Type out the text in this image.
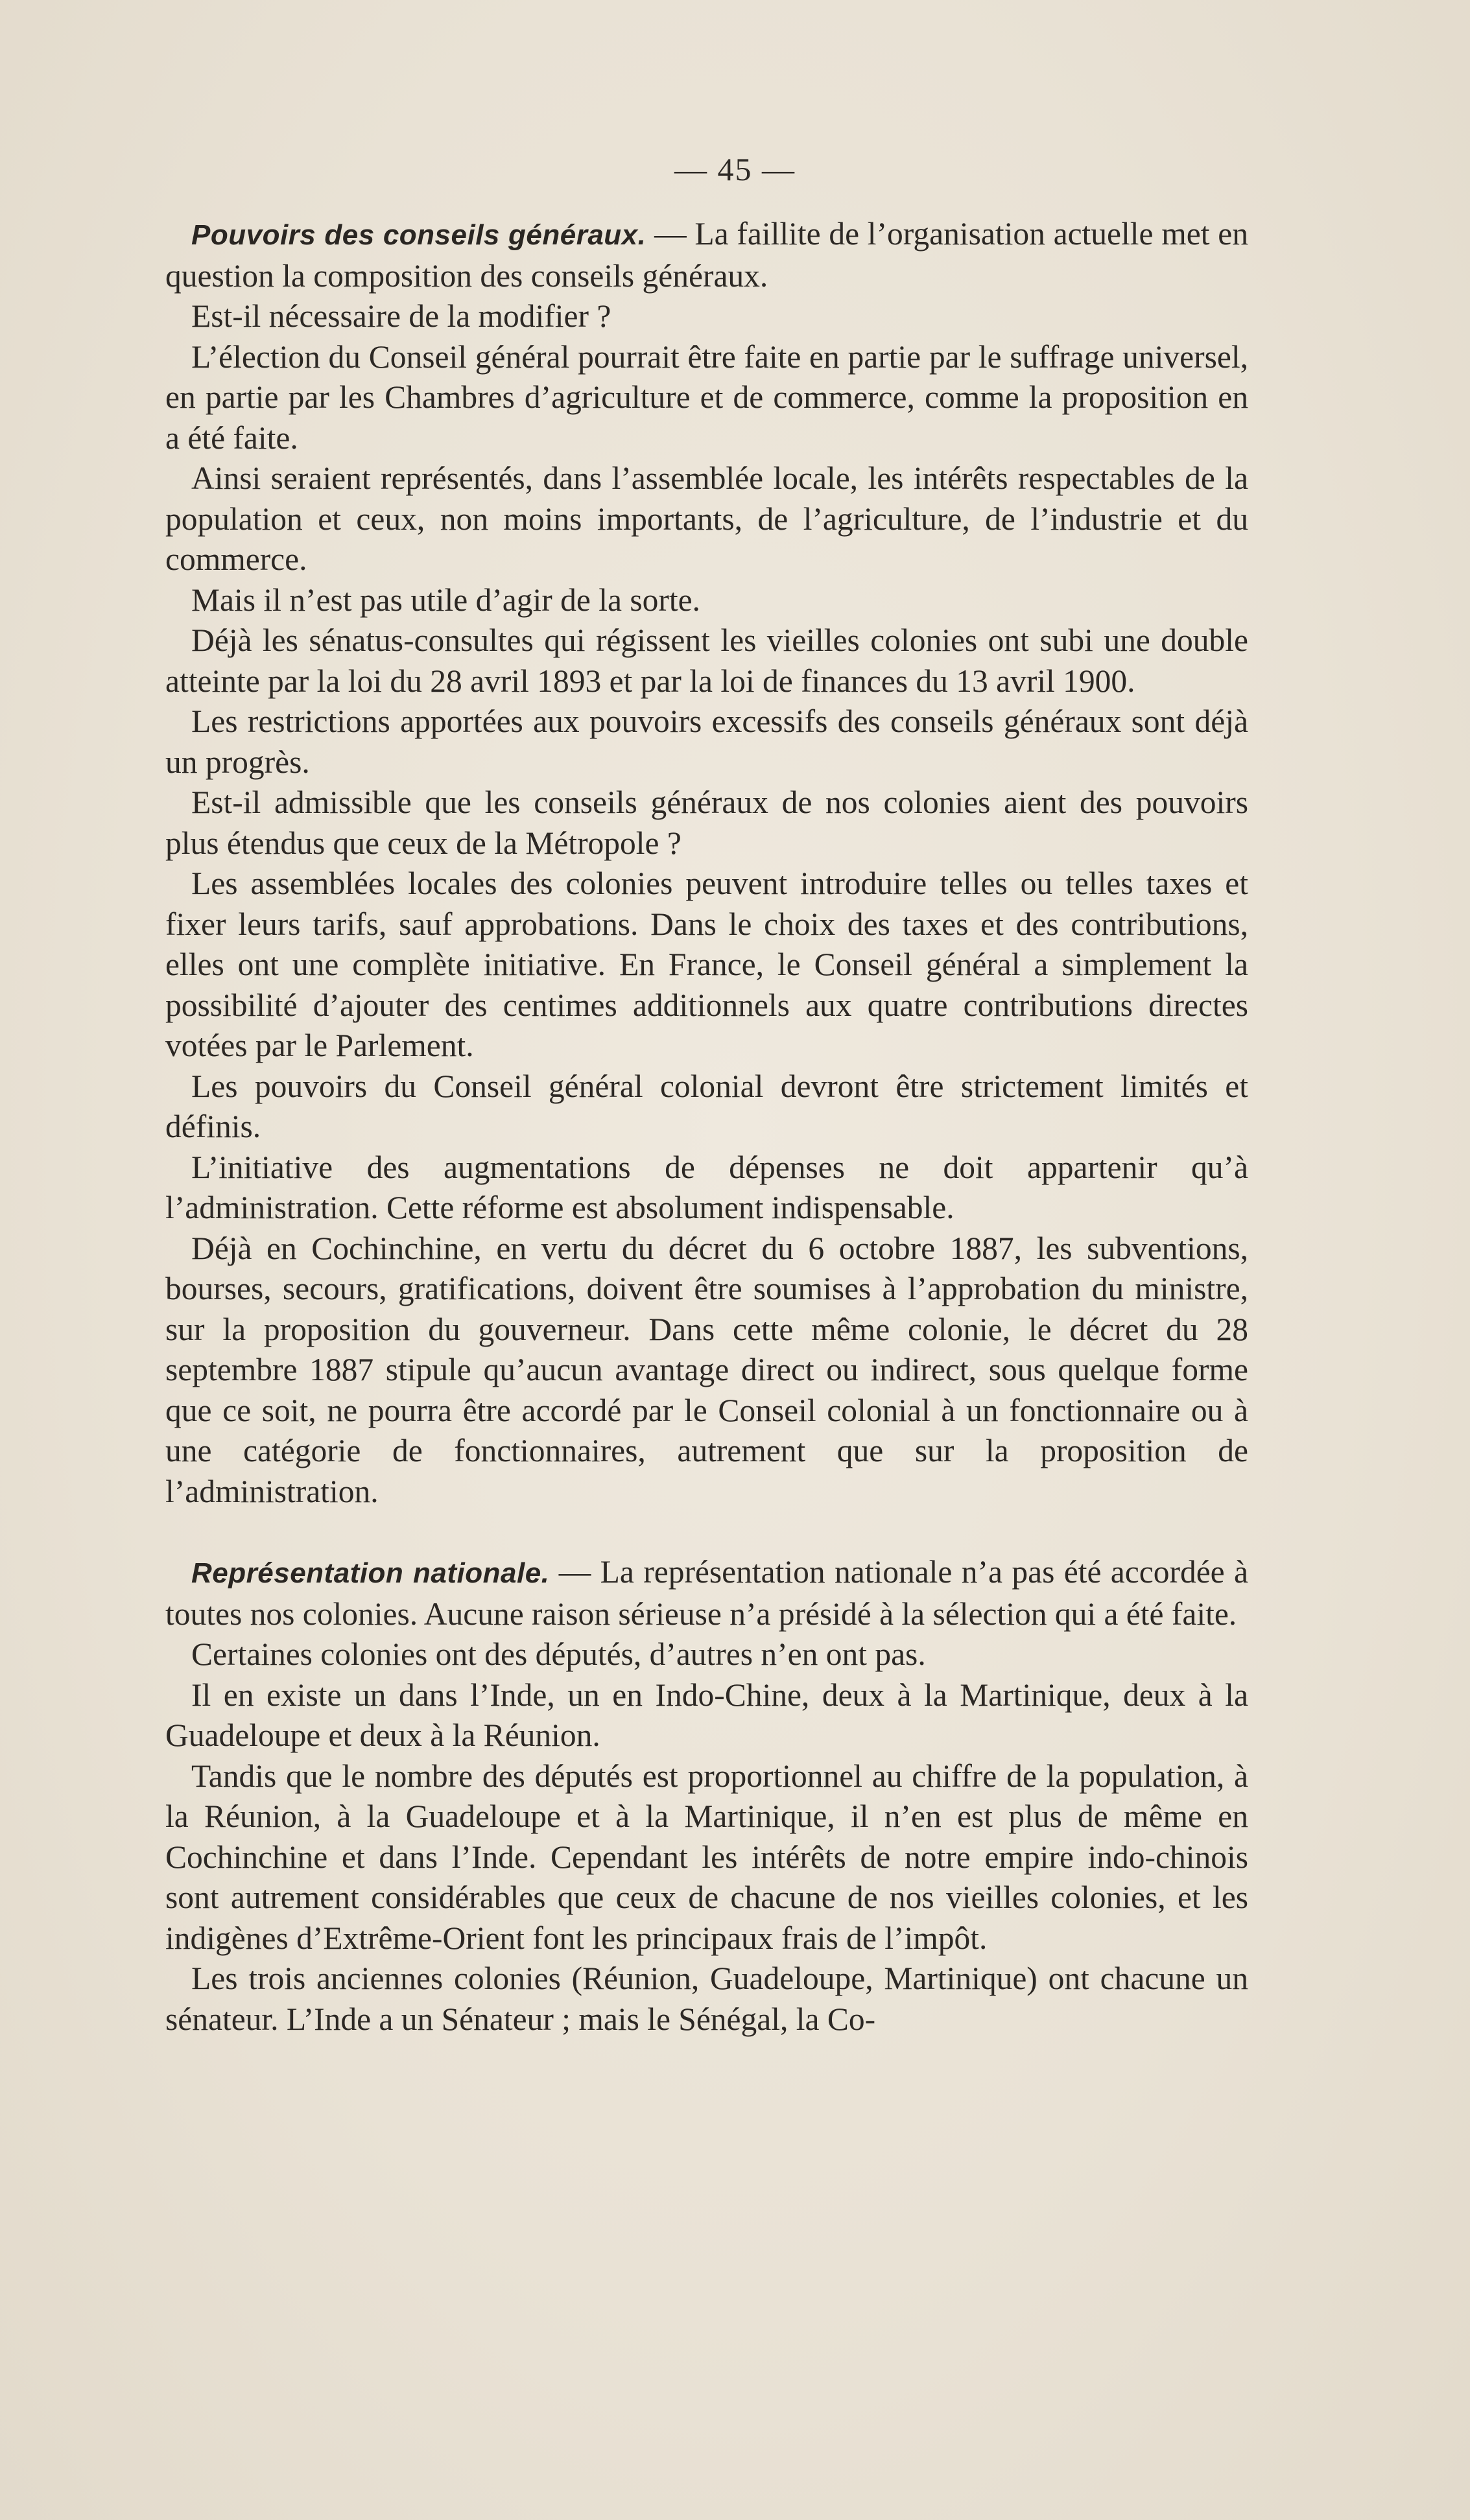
— 45 —

Pouvoirs des conseils généraux. — La faillite de l’organisation actuelle met en question la composition des conseils généraux.

Est-il nécessaire de la modifier ?

L’élection du Conseil général pourrait être faite en partie par le suffrage universel, en partie par les Chambres d’agriculture et de commerce, comme la proposition en a été faite.

Ainsi seraient représentés, dans l’assemblée locale, les intérêts respectables de la population et ceux, non moins importants, de l’agriculture, de l’industrie et du commerce.

Mais il n’est pas utile d’agir de la sorte.

Déjà les sénatus-consultes qui régissent les vieilles colonies ont subi une double atteinte par la loi du 28 avril 1893 et par la loi de finances du 13 avril 1900.

Les restrictions apportées aux pouvoirs excessifs des conseils généraux sont déjà un progrès.

Est-il admissible que les conseils généraux de nos colonies aient des pouvoirs plus étendus que ceux de la Métropole ?

Les assemblées locales des colonies peuvent introduire telles ou telles taxes et fixer leurs tarifs, sauf approbations. Dans le choix des taxes et des contributions, elles ont une complète initiative. En France, le Conseil général a simplement la possibilité d’ajouter des centimes additionnels aux quatre contributions directes votées par le Parlement.

Les pouvoirs du Conseil général colonial devront être strictement limités et définis.

L’initiative des augmentations de dépenses ne doit appartenir qu’à l’administration. Cette réforme est absolument indispensable.

Déjà en Cochinchine, en vertu du décret du 6 octobre 1887, les subventions, bourses, secours, gratifications, doivent être soumises à l’approbation du ministre, sur la proposition du gouverneur. Dans cette même colonie, le décret du 28 septembre 1887 stipule qu’aucun avantage direct ou indirect, sous quelque forme que ce soit, ne pourra être accordé par le Conseil colonial à un fonctionnaire ou à une catégorie de fonctionnaires, autrement que sur la proposition de l’administration.

Représentation nationale. — La représentation nationale n’a pas été accordée à toutes nos colonies. Aucune raison sérieuse n’a présidé à la sélection qui a été faite.

Certaines colonies ont des députés, d’autres n’en ont pas.

Il en existe un dans l’Inde, un en Indo-Chine, deux à la Martinique, deux à la Guadeloupe et deux à la Réunion.

Tandis que le nombre des députés est proportionnel au chiffre de la population, à la Réunion, à la Guadeloupe et à la Martinique, il n’en est plus de même en Cochinchine et dans l’Inde. Cependant les intérêts de notre empire indo-chinois sont autrement considérables que ceux de chacune de nos vieilles colonies, et les indigènes d’Extrême-Orient font les principaux frais de l’impôt.

Les trois anciennes colonies (Réunion, Guadeloupe, Martinique) ont chacune un sénateur. L’Inde a un Sénateur ; mais le Sénégal, la Co-
